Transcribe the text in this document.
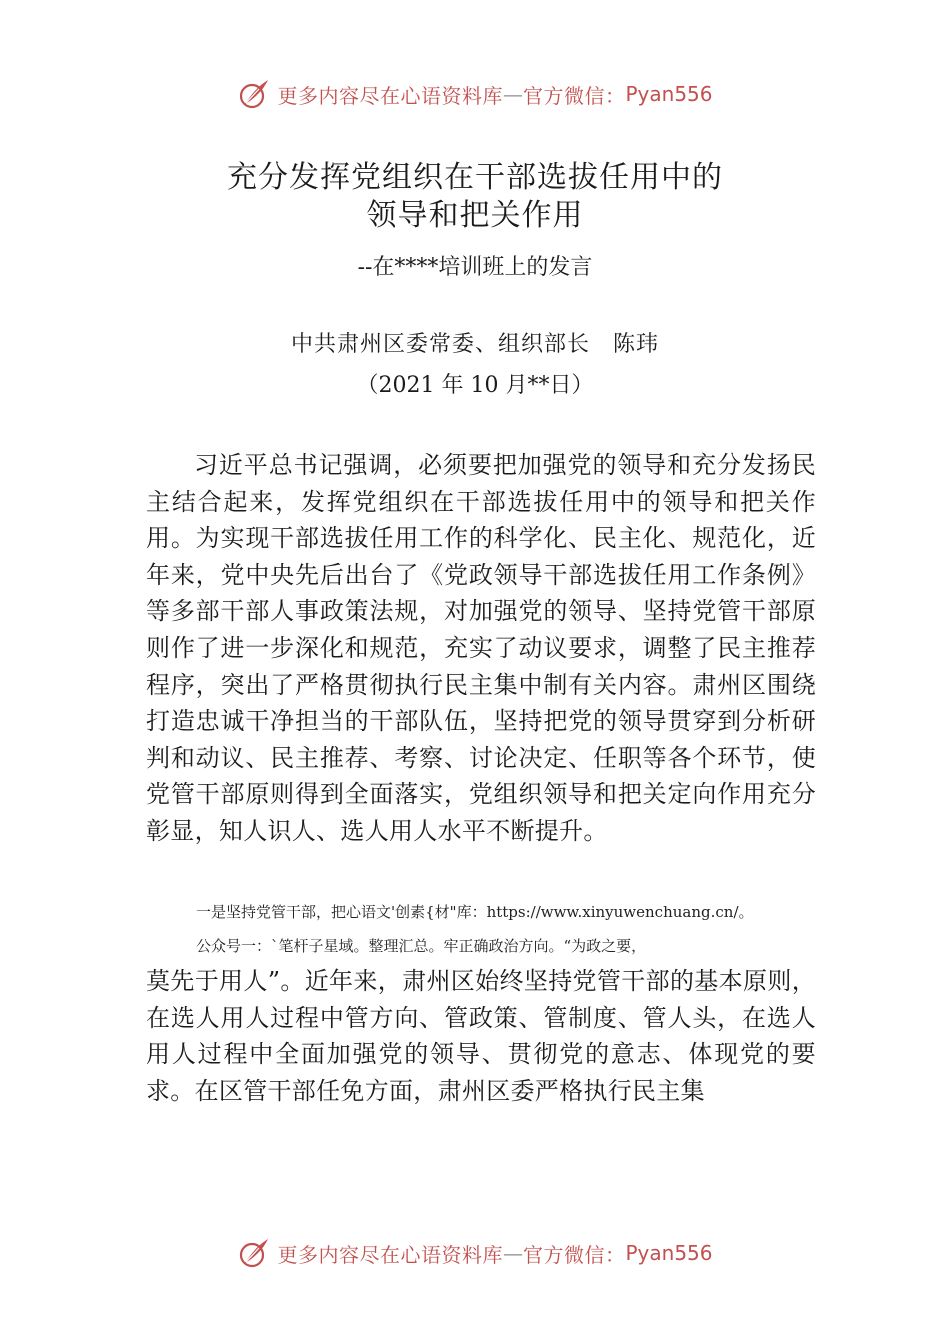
更多内容尽在心语资料库 — 官方微信： Pyan556
充分发挥党组织在干部选拔任用中的
领导和把关作用
--在****培训班上的发言
中共肃州区委常委、组织部长　陈玮
（2021 年 10 月**日）
习近平总书记强调，必须要把加强党的领导和充分发扬民主结合起来，发挥党组织在干部选拔任用中的领导和把关作用。为实现干部选拔任用工作的科学化、民主化、规范化，近年来，党中央先后出台了《党政领导干部选拔任用工作条例》等多部干部人事政策法规，对加强党的领导、坚持党管干部原则作了进一步深化和规范，充实了动议要求，调整了民主推荐程序，突出了严格贯彻执行民主集中制有关内容。肃州区围绕打造忠诚干净担当的干部队伍，坚持把党的领导贯穿到分析研判和动议、民主推荐、考察、讨论决定、任职等各个环节，使党管干部原则得到全面落实，党组织领导和把关定向作用充分彰显，知人识人、选人用人水平不断提升。
一是坚持党管干部，把心语文'创素{材"库：https://www.xinyuwenchuang.cn/。
公众号一：`笔杆子星域。整理汇总。牢正确政治方向。“为政之要，
莫先于用人”。近年来，肃州区始终坚持党管干部的基本原则，在选人用人过程中管方向、管政策、管制度、管人头，在选人用人过程中全面加强党的领导、贯彻党的意志、体现党的要求。在区管干部任免方面，肃州区委严格执行民主集
更多内容尽在心语资料库 — 官方微信： Pyan556
